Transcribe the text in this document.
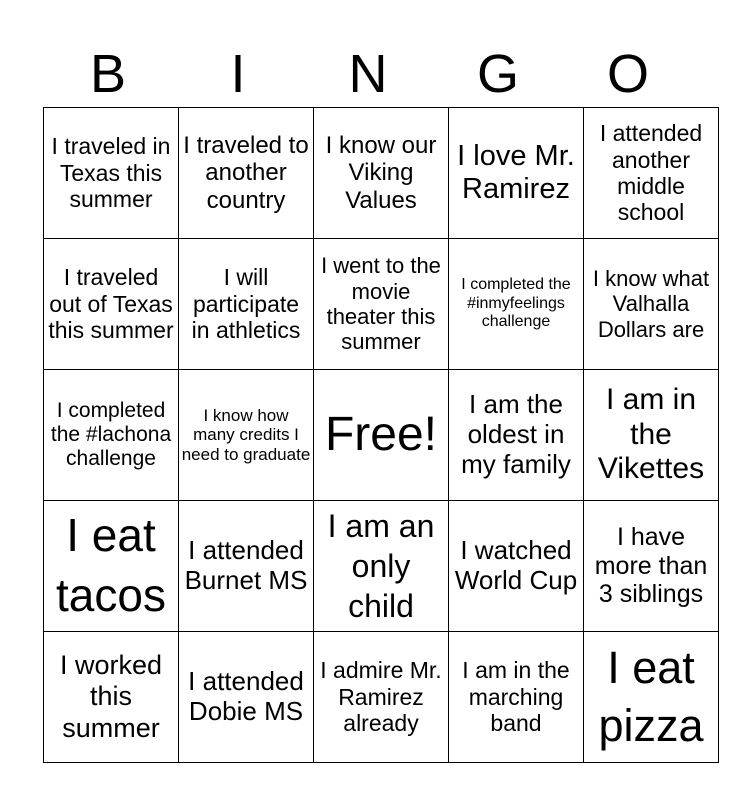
B	I	N	G	O
I traveled in Texas this summer	I traveled to another country	I know our Viking Values	I love Mr. Ramirez	I attended another middle school

I traveled out of Texas this summer	I will participate in athletics	I went to the movie theater this summer	I completed the #inmyfeelings challenge	I know what Valhalla Dollars are

I completed the #lachona challenge	I know how many credits I need to graduate	Free!	I am the oldest in my family	I am in the Vikettes

I eat tacos	I attended Burnet MS	I am an only child	I watched World Cup	I have more than 3 siblings

I worked this summer	I attended Dobie MS	I admire Mr. Ramirez already	I am in the marching band	I eat pizza
